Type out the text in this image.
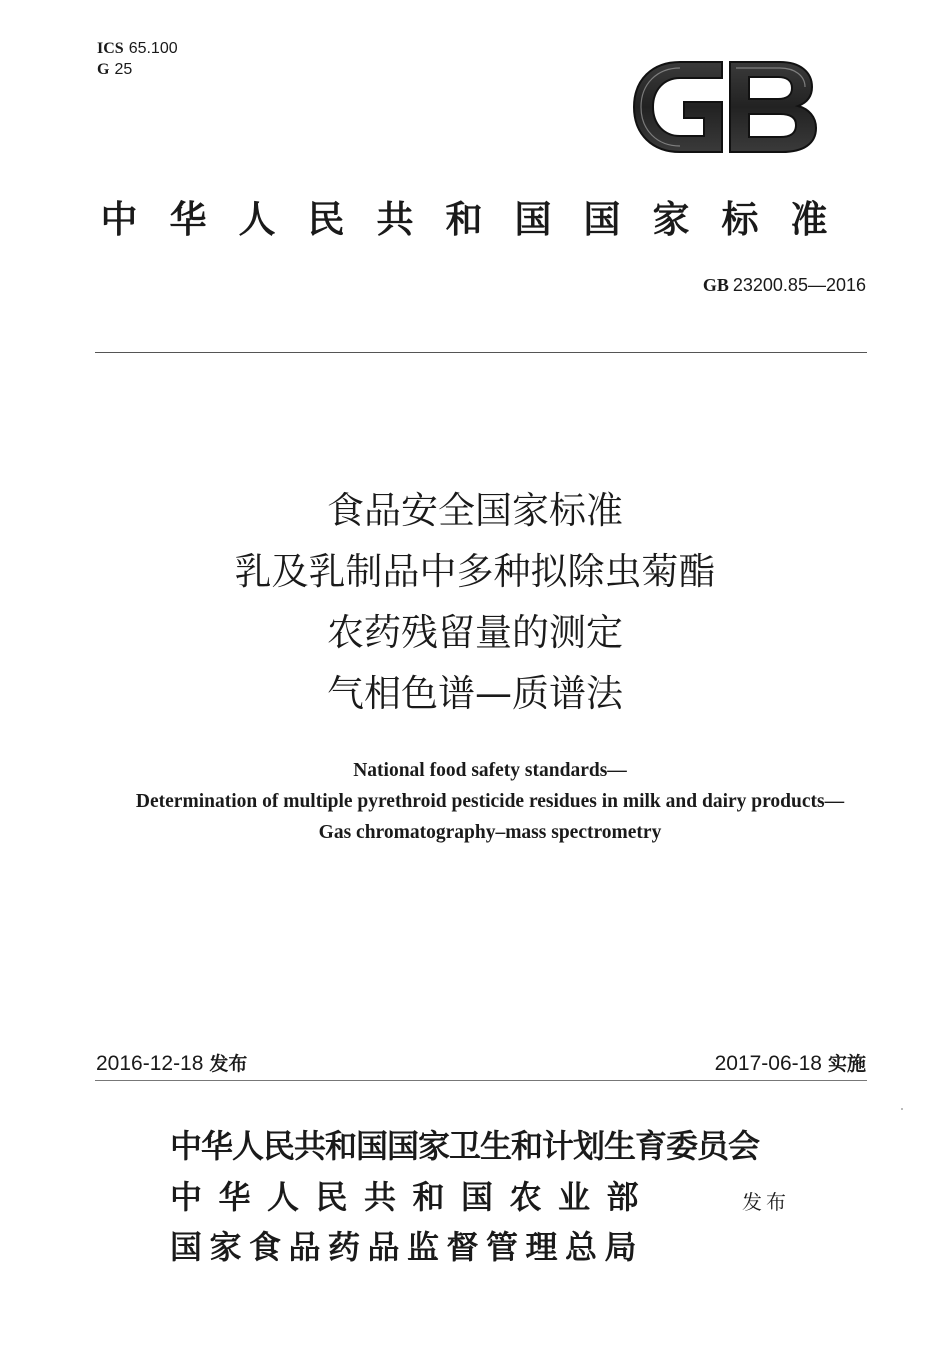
ICS 65.100
G 25
中华人民共和国国家标准
GB 23200.85—2016
食品安全国家标准
乳及乳制品中多种拟除虫菊酯
农药残留量的测定
气相色谱—质谱法
National food safety standards—
Determination of multiple pyrethroid pesticide residues in milk and dairy products—
Gas chromatography–mass spectrometry
2016-12-18 发布	2017-06-18 实施
中华人民共和国国家卫生和计划生育委员会
中华人民共和国农业部
国家食品药品监督管理总局
发布
